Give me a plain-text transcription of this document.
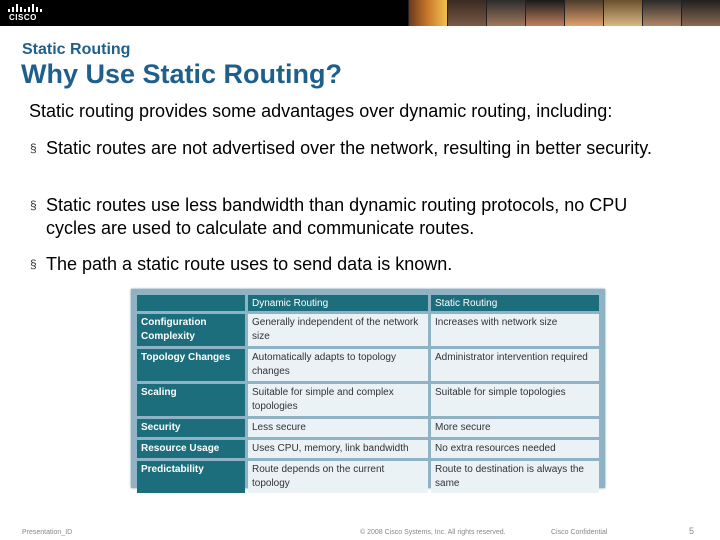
CISCO
Static Routing
Why Use Static Routing?
Static routing provides some advantages over dynamic routing, including:
§ Static routes are not advertised over the network, resulting in better security.
§ Static routes use less bandwidth than dynamic routing protocols, no CPU cycles are used to calculate and communicate routes.
§ The path a static route uses to send data is known.
	Dynamic Routing	Static Routing
Configuration Complexity	Generally independent of the network size	Increases with network size
Topology Changes	Automatically adapts to topology changes	Administrator intervention required
Scaling	Suitable for simple and complex topologies	Suitable for simple topologies
Security	Less secure	More secure
Resource Usage	Uses CPU, memory, link bandwidth	No extra resources needed
Predictability	Route depends on the current topology	Route to destination is always the same
Presentation_ID	© 2008 Cisco Systems, Inc. All rights reserved.	Cisco Confidential	5
